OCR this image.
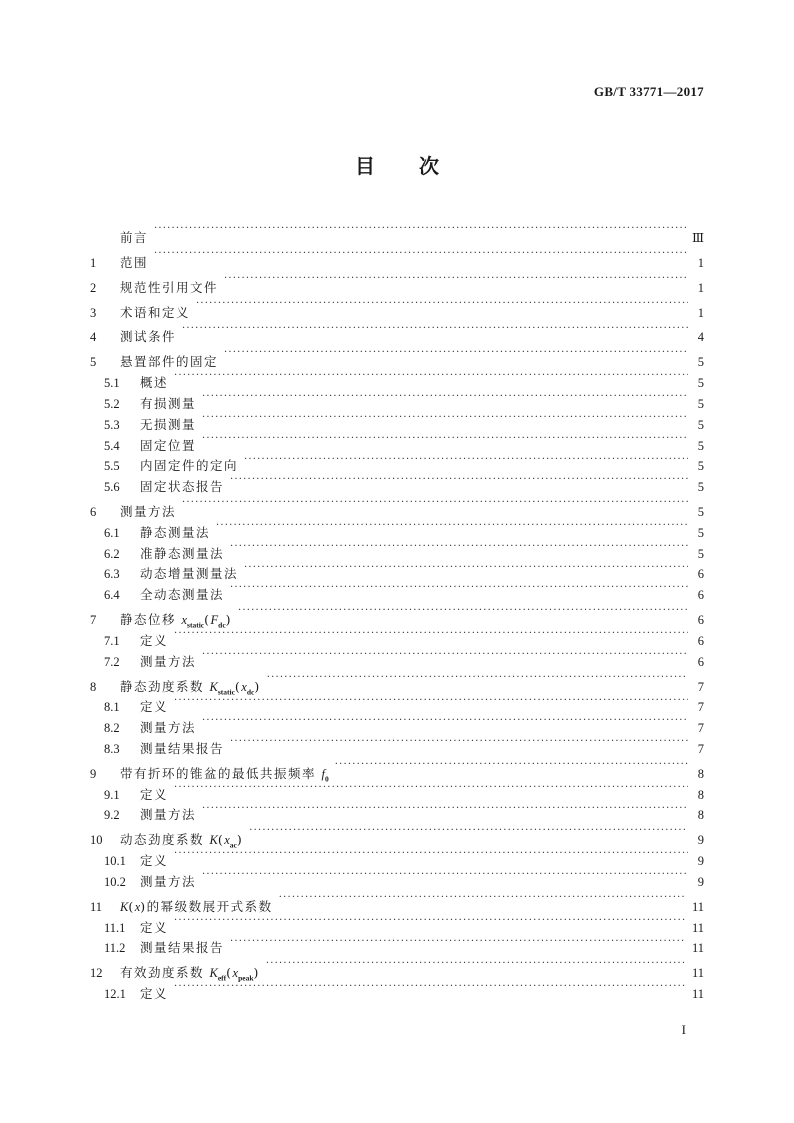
GB/T 33771—2017
目次
前言 ·····	Ⅲ
1	范围 ·····	1
2	规范性引用文件 ·····	1
3	术语和定义 ·····	1
4	测试条件 ·····	4
5	悬置部件的固定 ·····	5
5.1	概述 ·····	5
5.2	有损测量 ·····	5
5.3	无损测量 ·····	5
5.4	固定位置 ·····	5
5.5	内固定件的定向 ·····	5
5.6	固定状态报告 ·····	5
6	测量方法 ·····	5
6.1	静态测量法 ·····	5
6.2	准静态测量法 ·····	5
6.3	动态增量测量法 ·····	6
6.4	全动态测量法 ·····	6
7	静态位移 $x_{static}(F_{dc})$ ·····	6
7.1	定义 ·····	6
7.2	测量方法 ·····	6
8	静态劲度系数 $K_{static}(x_{dc})$ ·····	7
8.1	定义 ·····	7
8.2	测量方法 ·····	7
8.3	测量结果报告 ·····	7
9	带有折环的锥盆的最低共振频率 $f_0$ ·····	8
9.1	定义 ·····	8
9.2	测量方法 ·····	8
10	动态劲度系数 $K(x_{ac})$ ·····	9
10.1	定义 ·····	9
10.2	测量方法 ·····	9
11	K(x)的幂级数展开式系数 ·····	11
11.1	定义 ·····	11
11.2	测量结果报告 ·····	11
12	有效劲度系数 $K_{eff}(x_{peak})$ ·····	11
12.1	定义 ·····	11
I
